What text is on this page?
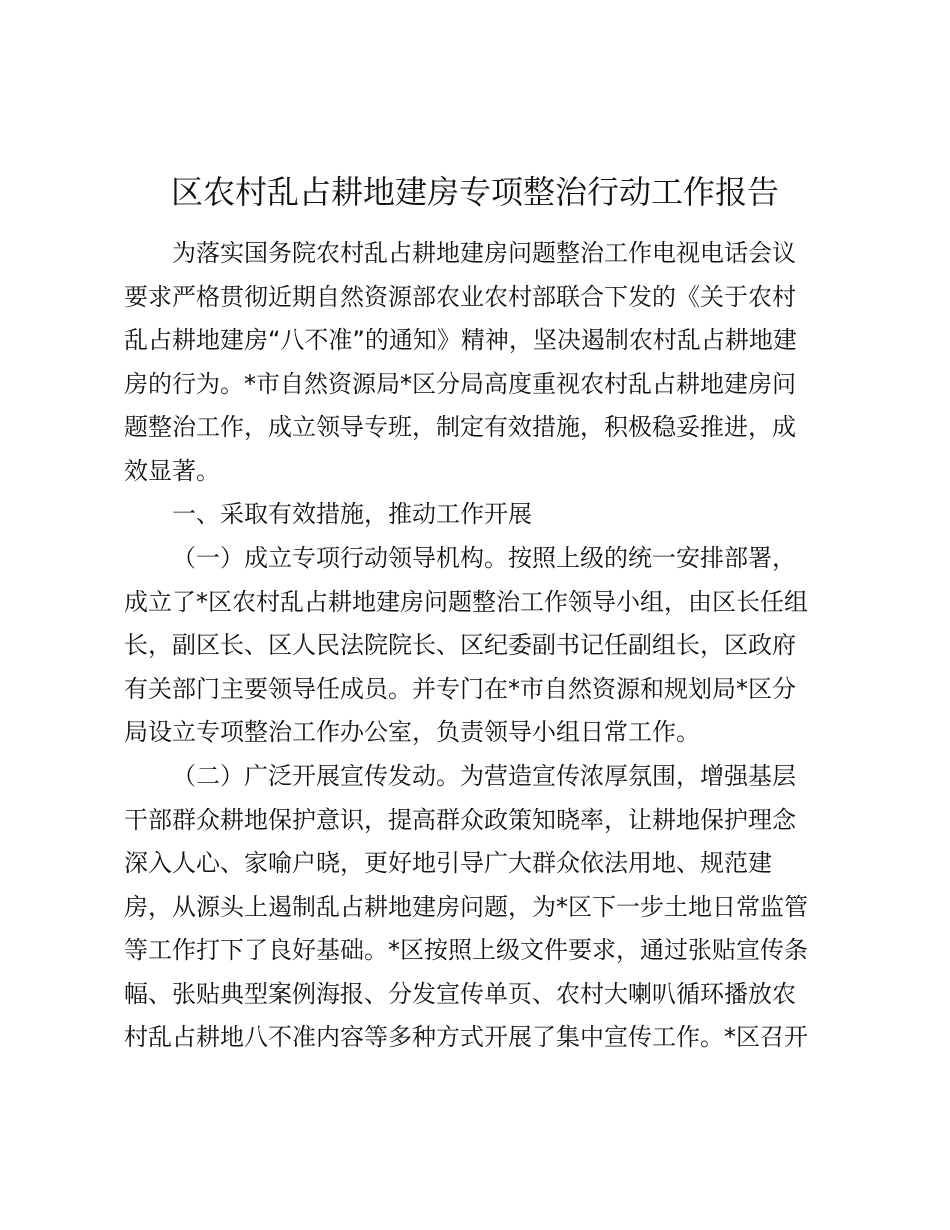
区农村乱占耕地建房专项整治行动工作报告
为落实国务院农村乱占耕地建房问题整治工作电视电话会议
要求严格贯彻近期自然资源部农业农村部联合下发的《关于农村
乱占耕地建房“八不准”的通知》精神，坚决遏制农村乱占耕地建
房的行为。*市自然资源局*区分局高度重视农村乱占耕地建房问
题整治工作，成立领导专班，制定有效措施，积极稳妥推进，成
效显著。
一、采取有效措施，推动工作开展
（一）成立专项行动领导机构。按照上级的统一安排部署，
成立了*区农村乱占耕地建房问题整治工作领导小组，由区长任组
长，副区长、区人民法院院长、区纪委副书记任副组长，区政府
有关部门主要领导任成员。并专门在*市自然资源和规划局*区分
局设立专项整治工作办公室，负责领导小组日常工作。
（二）广泛开展宣传发动。为营造宣传浓厚氛围，增强基层
干部群众耕地保护意识，提高群众政策知晓率，让耕地保护理念
深入人心、家喻户晓，更好地引导广大群众依法用地、规范建
房，从源头上遏制乱占耕地建房问题，为*区下一步土地日常监管
等工作打下了良好基础。*区按照上级文件要求，通过张贴宣传条
幅、张贴典型案例海报、分发宣传单页、农村大喇叭循环播放农
村乱占耕地八不准内容等多种方式开展了集中宣传工作。*区召开
